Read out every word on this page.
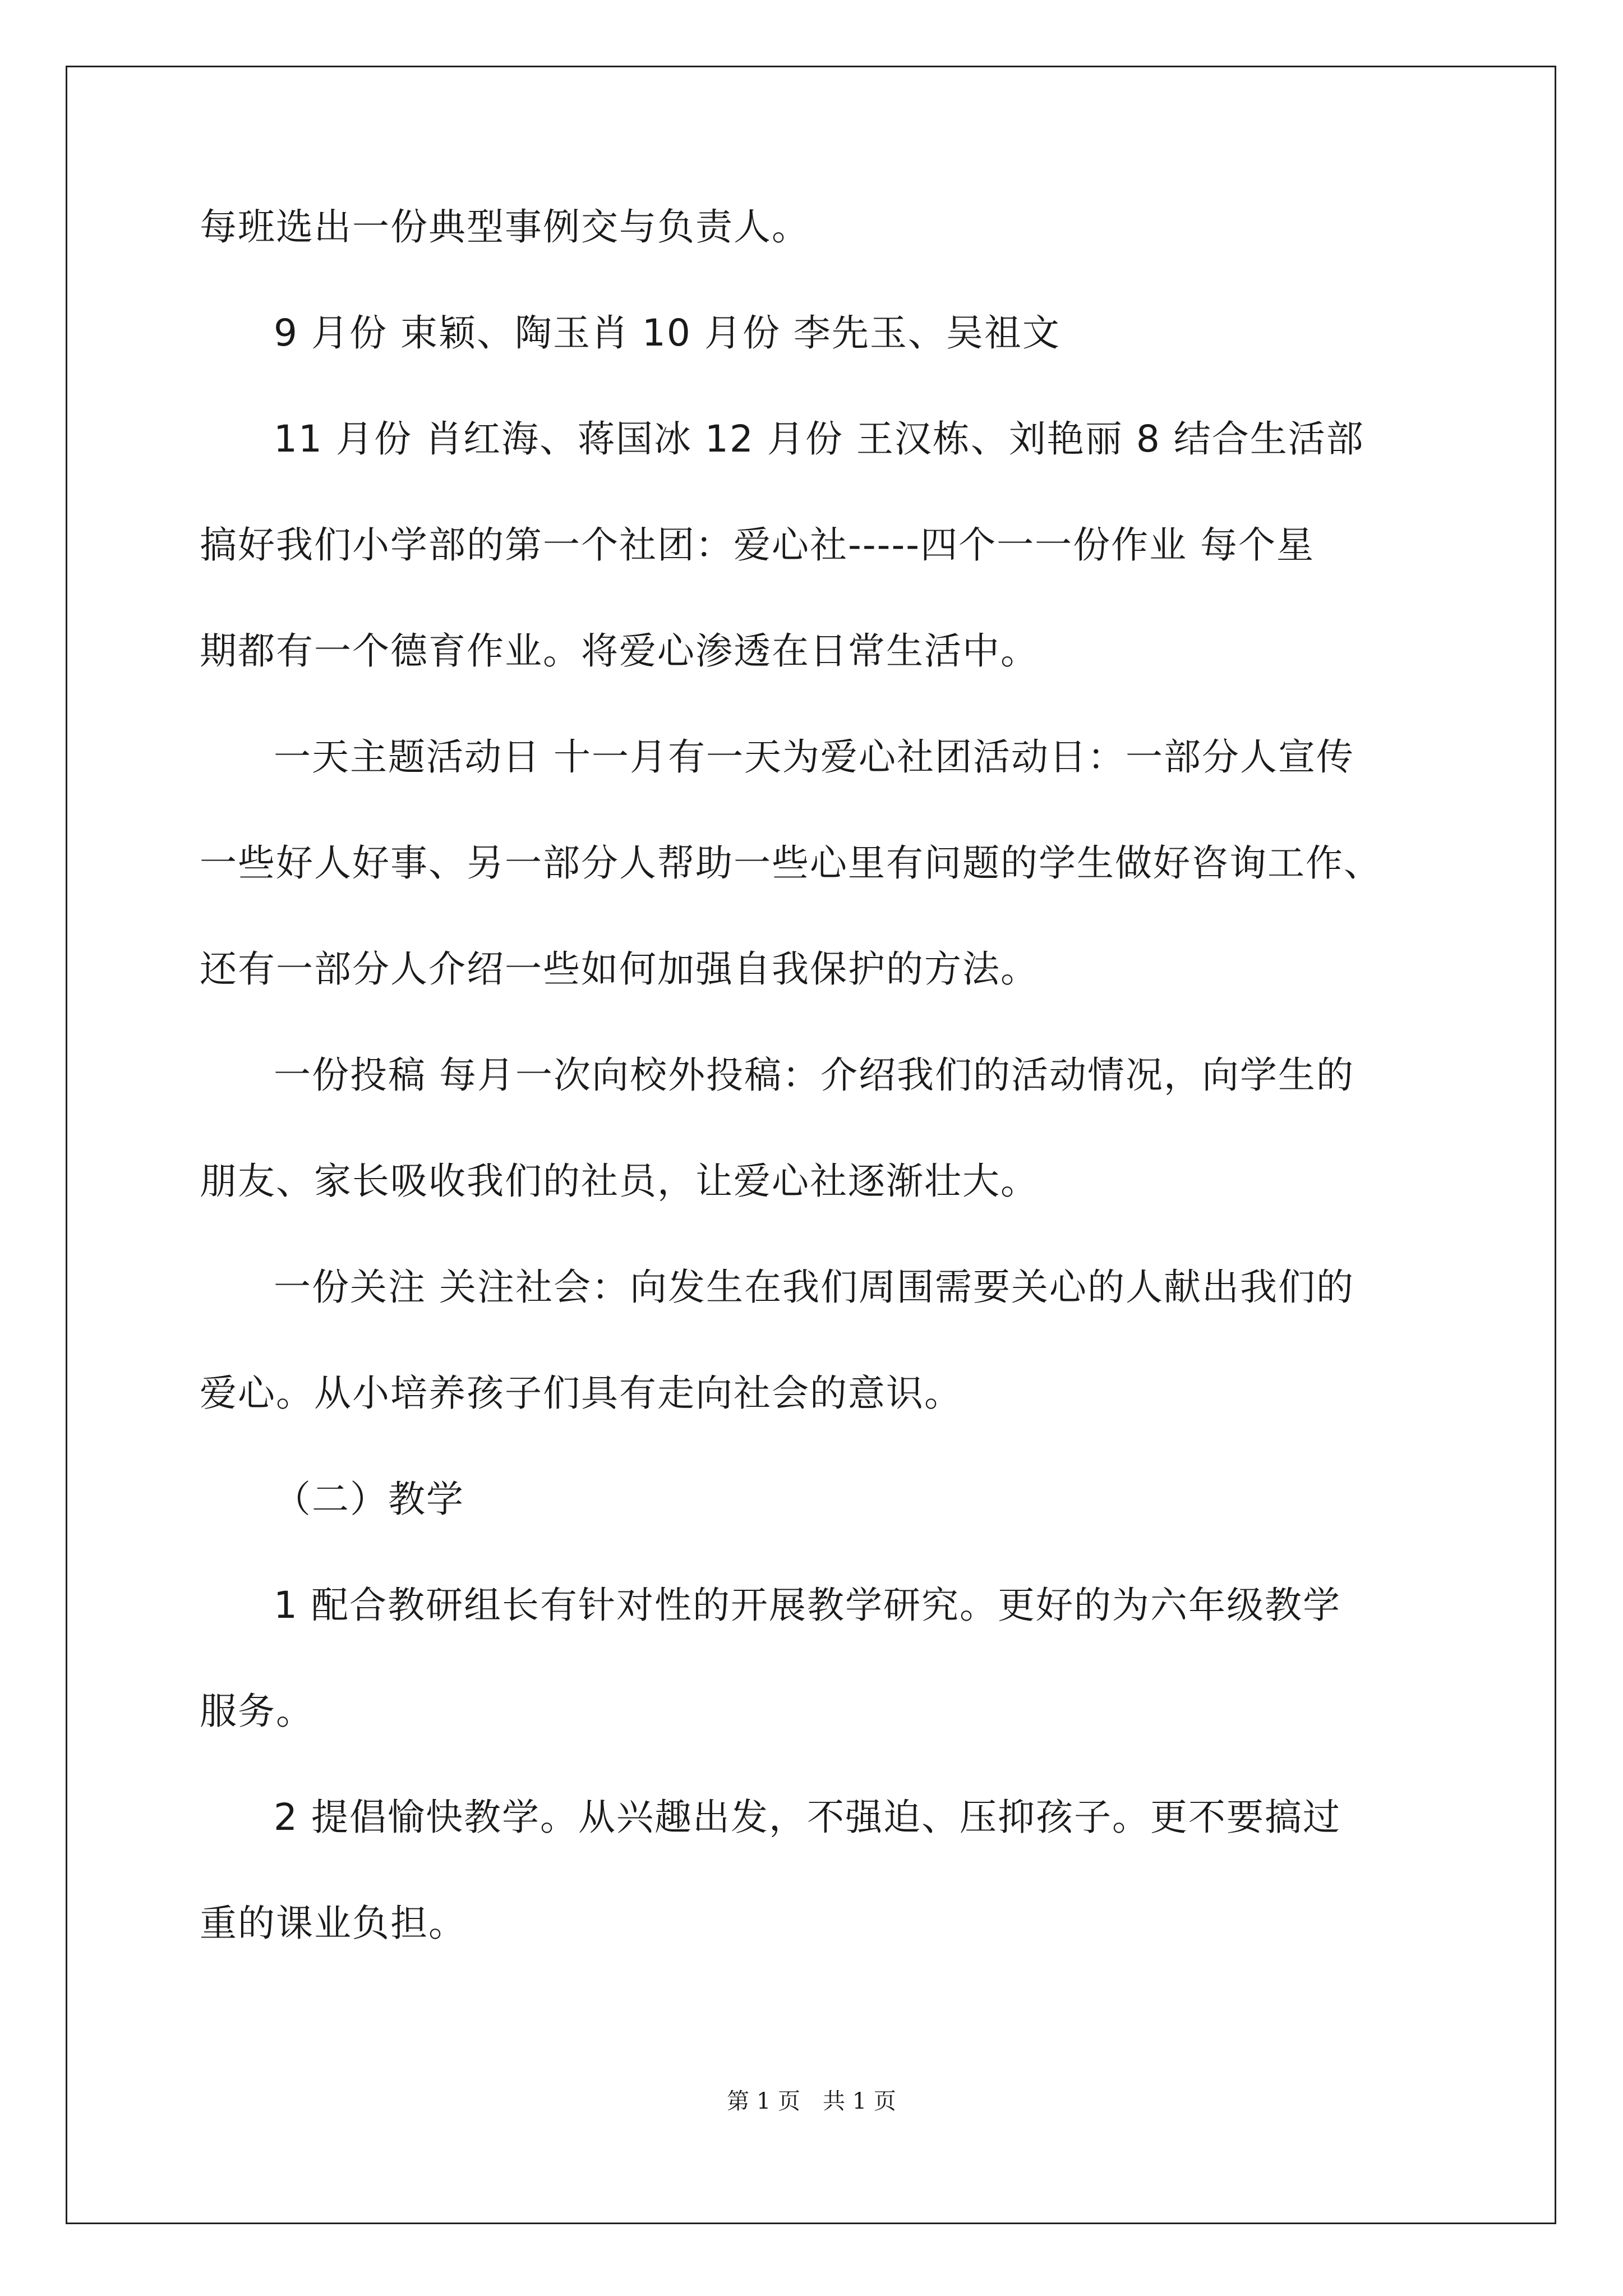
每班选出一份典型事例交与负责人。
9 月份 束颖、陶玉肖 10 月份 李先玉、吴祖文
11 月份 肖红海、蒋国冰 12 月份 王汉栋、刘艳丽 8 结合生活部
搞好我们小学部的第一个社团：爱心社-----四个一一份作业 每个星
期都有一个德育作业。将爱心渗透在日常生活中。
一天主题活动日 十一月有一天为爱心社团活动日：一部分人宣传
一些好人好事、另一部分人帮助一些心里有问题的学生做好咨询工作、
还有一部分人介绍一些如何加强自我保护的方法。
一份投稿 每月一次向校外投稿：介绍我们的活动情况，向学生的
朋友、家长吸收我们的社员，让爱心社逐渐壮大。
一份关注 关注社会：向发生在我们周围需要关心的人献出我们的
爱心。从小培养孩子们具有走向社会的意识。
（二）教学
1 配合教研组长有针对性的开展教学研究。更好的为六年级教学
服务。
2 提倡愉快教学。从兴趣出发，不强迫、压抑孩子。更不要搞过
重的课业负担。
第 1 页 共 1 页
